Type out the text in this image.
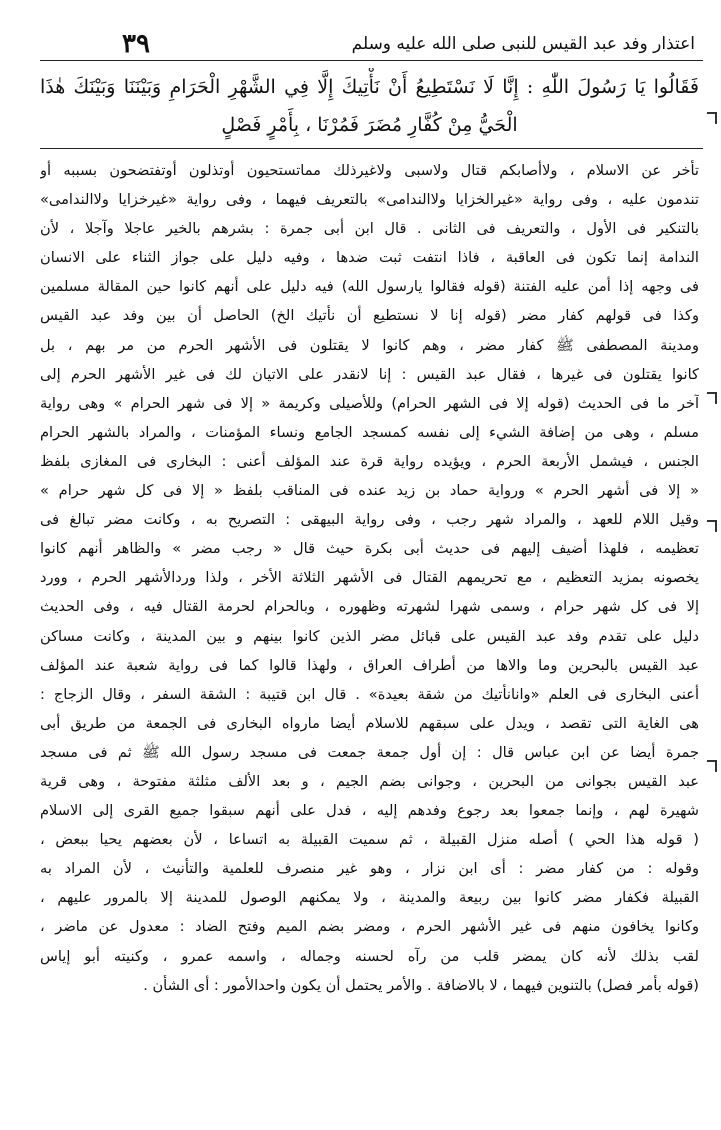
٣٩	اعتذار وفد عبد القيس للنبى صلى الله عليه وسلم
فَقَالُوا يَا رَسُولَ اللّٰهِ : إِنَّا لَا نَسْتَطِيعُ أَنْ نَأْتِيكَ إِلَّا فِي الشَّهْرِ الْحَرَامِ وَبَيْنَنَا وَبَيْنَكَ هٰذَا الْحَيُّ مِنْ كُفَّارِ مُضَرَ فَمُرْنَا ، بِأَمْرٍ فَصْلٍ

تأخر عن الاسلام ، ولاأصابكم قتال ولاسبى ولاغيرذلك مماتستحيون أوتذلون أوتفتضحون بسببه أو

تندمون عليه ، وفى رواية «غيرالخزايا ولاالندامى» بالتعريف فيهما ، وفى رواية «غيرخزايا ولاالندامى»

بالتنكير فى الأول ، والتعريف فى الثانى . قال ابن أبى جمرة : بشرهم بالخير عاجلا وآجلا ، لأن

الندامة إنما تكون فى العاقبة ، فاذا انتفت ثبت ضدها ، وفيه دليل على جواز الثناء على الانسان

فى وجهه إذا أمن عليه الفتنة (قوله فقالوا يارسول الله) فيه دليل على أنهم كانوا حين المقالة مسلمين

وكذا فى قولهم كفار مضر (قوله إنا لا نستطيع أن نأتيك الخ) الحاصل أن بين وفد عبد القيس

ومدينة المصطفى ﷺ كفار مضر ، وهم كانوا لا يقتلون فى الأشهر الحرم من مر بهم ، بل

كانوا يقتلون فى غيرها ، فقال عبد القيس : إنا لانقدر على الاتيان لك فى غير الأشهر الحرم إلى

آخر ما فى الحديث (قوله إلا فى الشهر الحرام) وللأصيلى وكريمة « إلا فى شهر الحرام » وهى رواية

مسلم ، وهى من إضافة الشيء إلى نفسه كمسجد الجامع ونساء المؤمنات ، والمراد بالشهر الحرام

الجنس ، فيشمل الأربعة الحرم ، ويؤيده رواية قرة عند المؤلف أعنى : البخارى فى المغازى بلفظ

« إلا فى أشهر الحرم » ورواية حماد بن زيد عنده فى المناقب بلفظ « إلا فى كل شهر حرام »

وقيل اللام للعهد ، والمراد شهر رجب ، وفى رواية البيهقى : التصريح به ، وكانت مضر تبالغ فى

تعظيمه ، فلهذا أضيف إليهم فى حديث أبى بكرة حيث قال « رجب مضر » والظاهر أنهم كانوا

يخصونه بمزيد التعظيم ، مع تحريمهم القتال فى الأشهر الثلاثة الأخر ، ولذا وردالأشهر الحرم ، وورد

إلا فى كل شهر حرام ، وسمى شهرا لشهرته وظهوره ، وبالحرام لحرمة القتال فيه ، وفى الحديث

دليل على تقدم وفد عبد القيس على قبائل مضر الذين كانوا بينهم و بين المدينة ، وكانت مساكن

عبد القيس بالبحرين وما والاها من أطراف العراق ، ولهذا قالوا كما فى رواية شعبة عند المؤلف

أعنى البخارى فى العلم «وانانأتيك من شقة بعيدة» . قال ابن قتيبة : الشقة السفر ، وقال الزجاج :

هى الغاية التى تقصد ، ويدل على سبقهم للاسلام أيضا مارواه البخارى فى الجمعة من طريق أبى

جمرة أيضا عن ابن عباس قال : إن أول جمعة جمعت فى مسجد رسول الله ﷺ ثم فى مسجد

عبد القيس بجوانى من البحرين ، وجوانى بضم الجيم ، و بعد الألف مثلثة مفتوحة ، وهى قرية

شهيرة لهم ، وإنما جمعوا بعد رجوع وفدهم إليه ، فدل على أنهم سبقوا جميع القرى إلى الاسلام

( قوله هذا الحي ) أصله منزل القبيلة ، ثم سميت القبيلة به اتساعا ، لأن بعضهم يحيا ببعض ،

وقوله : من كفار مضر : أى ابن نزار ، وهو غير منصرف للعلمية والتأنيث ، لأن المراد به

القبيلة فكفار مضر كانوا بين ربيعة والمدينة ، ولا يمكنهم الوصول للمدينة إلا بالمرور عليهم ،

وكانوا يخافون منهم فى غير الأشهر الحرم ، ومضر بضم الميم وفتح الضاد : معدول عن ماضر ،

لقب بذلك لأنه كان يمضر قلب من رآه لحسنه وجماله ، واسمه عمرو ، وكنيته أبو إياس

(قوله بأمر فصل) بالتنوين فيهما ، لا بالاضافة . والأمر يحتمل أن يكون واحدالأمور : أى الشأن .
